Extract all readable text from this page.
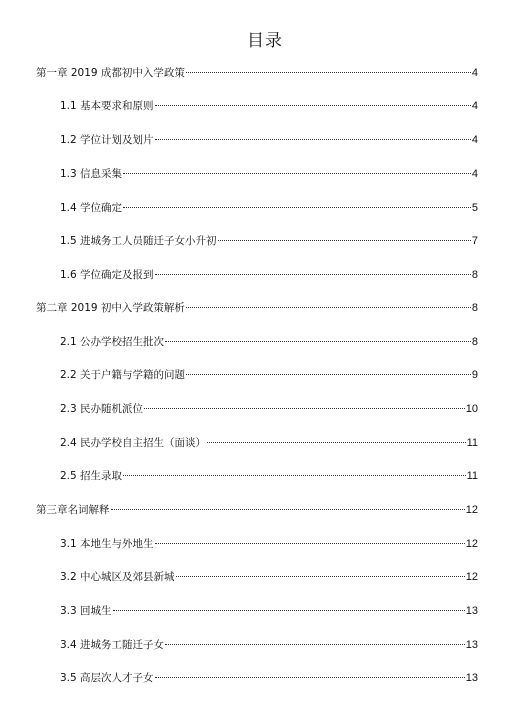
目录
第一章 2019 成都初中入学政策	4
1.1 基本要求和原则	4
1.2 学位计划及划片	4
1.3 信息采集	4
1.4 学位确定	5
1.5 进城务工人员随迁子女小升初	7
1.6 学位确定及报到	8
第二章 2019 初中入学政策解析	8
2.1 公办学校招生批次	8
2.2 关于户籍与学籍的问题	9
2.3 民办随机派位	10
2.4 民办学校自主招生（面谈）	11
2.5 招生录取	11
第三章名词解释	12
3.1 本地生与外地生	12
3.2 中心城区及郊县新城	12
3.3 回城生	13
3.4 进城务工随迁子女	13
3.5 高层次人才子女	13
